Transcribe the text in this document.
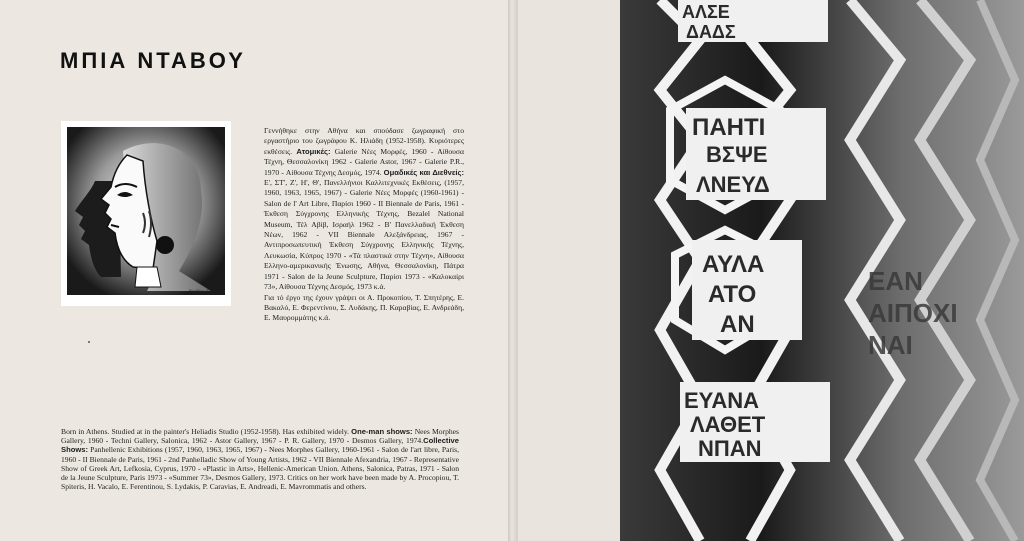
ΜΠΙΑ ΝΤΑΒΟΥ
Ντάβου 73

Γεννήθηκε στην Αθήνα και σπούδασε ζωγραφική στο εργαστήριο του ζωγράφου Κ. Ηλιάδη (1952-1958). Κυριότερες εκθέσεις. Ατομικές: Galerie Νέες Μορφές, 1960 - Αίθουσα Τέχνη, Θεσσαλονίκη 1962 - Galerie Astor, 1967 - Galerie P.R., 1970 - Αίθουσα Τέχνης Δεσμός, 1974. Ομαδικές και Διεθνείς: Ε', ΣΤ', Ζ', Η', Θ', Πανελλήνιοι Καλλιτεχνικές Εκθέσεις, (1957, 1960, 1963, 1965, 1967) - Galerie Νέες Μορφές (1960-1961) - Salon de l' Art Libre, Παρίσι 1960 - II Biennale de Paris, 1961 - Έκθεση Σύγχρονης Ελληνικής Τέχνης, Bezalel National Museum, Τέλ Αβίβ, Ισραήλ 1962 - Β' Πανελλαδική Έκθεση Νέων, 1962 - VII Biennale Αλεξάνδρειας, 1967 - Αντιπροσωπευτική Έκθεση Σύγχρονης Ελληνικής Τέχνης, Λευκωσία, Κύπρος 1970 - «Τά πλαστικά στην Τέχνη», Αίθουσα Ελληνο-αμερικανικής Ένωσης, Αθήνα, Θεσσαλονίκη, Πάτρα 1971 - Salon de la Jeune Sculpture, Παρίσι 1973 - «Καλοκαίρι 73», Αίθουσα Τέχνης Δεσμός, 1973 κ.ά.

Για τό έργο της έχουν γράψει οι Α. Προκοπίου, Τ. Σπητέρης, Ε. Βακαλό, Ε. Φερεντίνου, Σ. Λυδάκης, Π. Καραβίας, Ε. Ανδρεάδη, Ε. Μαυρομμάτης κ.ά.

Born in Athens. Studied at in the painter's Heliadis Studio (1952-1958). Has exhibited widely. One-man shows: Nees Morphes Gallery, 1960 - Techni Gallery, Salonica, 1962 - Astor Gallery, 1967 - P. R. Gallery, 1970 - Desmos Gallery, 1974.Collective Shows: Panhellenic Exhibitions (1957, 1960, 1963, 1965, 1967) - Nees Morphes Gallery, 1960-1961 - Salon de l'art libre, Paris, 1960 - II Biennale de Paris, 1961 - 2nd Panhelladic Show of Young Artists, 1962 - VII Biennale Afexandria, 1967 - Representative Show of Greek Art, Lefkosia, Cyprus, 1970 - «Plastic in Arts», Hellenic-American Union. Athens, Salonica, Patras, 1971 - Salon de la Jeune Sculpture, Paris 1973 - «Summer 73», Desmos Gallery, 1973. Critics on her work have been made by A. Procopiou, T. Spiteris, H. Vacalo, E. Ferentinou, S. Lydakis, P. Caravias, E. Andreadi, E. Mavrommatis and others.

ΑΛΣΕ
ΔΑΔΣ
ΠΑΗΤΙ
ΒΣΨΕ
ΛΝΕΥΔ
ΑΥΛΑ
ΑΤΟ
ΑΝ
ΕΥΑΝΑ
ΛΑΘΕΤ
ΝΠΑΝ
ΕΑΝ
ΑΙΠΟΧΙ
ΝΑΙ
